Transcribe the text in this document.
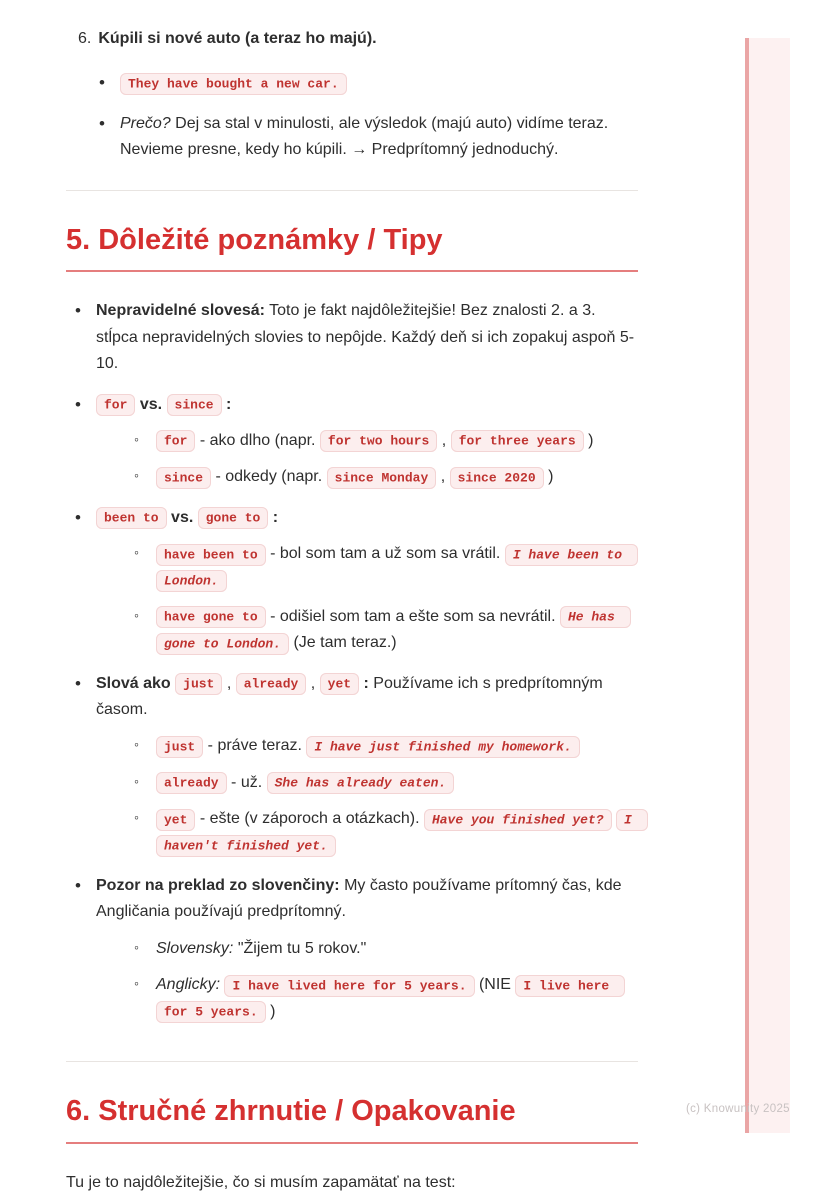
(c) Knowunity 2025
6. Kúpili si nové auto (a teraz ho majú).
• They have bought a new car.
• Prečo? Dej sa stal v minulosti, ale výsledok (majú auto) vidíme teraz. Nevieme presne, kedy ho kúpili. → Predprítomný jednoduchý.
5. Dôležité poznámky / Tipy
• Nepravidelné slovesá: Toto je fakt najdôležitejšie! Bez znalosti 2. a 3. stĺpca nepravidelných slovies to nepôjde. Každý deň si ich zopakuj aspoň 5-10.
• for vs. since :
◦ for - ako dlho (napr. for two hours , for three years )
◦ since - odkedy (napr. since Monday , since 2020 )
• been to vs. gone to :
◦ have been to - bol som tam a už som sa vrátil. I have been to London.
◦ have gone to - odišiel som tam a ešte som sa nevrátil. He has gone to London. (Je tam teraz.)
• Slová ako just , already , yet : Používame ich s predprítomným časom.
◦ just - práve teraz. I have just finished my homework.
◦ already - už. She has already eaten.
◦ yet - ešte (v záporoch a otázkach). Have you finished yet? I haven't finished yet.
• Pozor na preklad zo slovenčiny: My často používame prítomný čas, kde Angličania používajú predprítomný.
◦ Slovensky: "Žijem tu 5 rokov."
◦ Anglicky: I have lived here for 5 years. (NIE I live here for 5 years. )
6. Stručné zhrnutie / Opakovanie

Tu je to najdôležitejšie, čo si musím zapamätať na test:
